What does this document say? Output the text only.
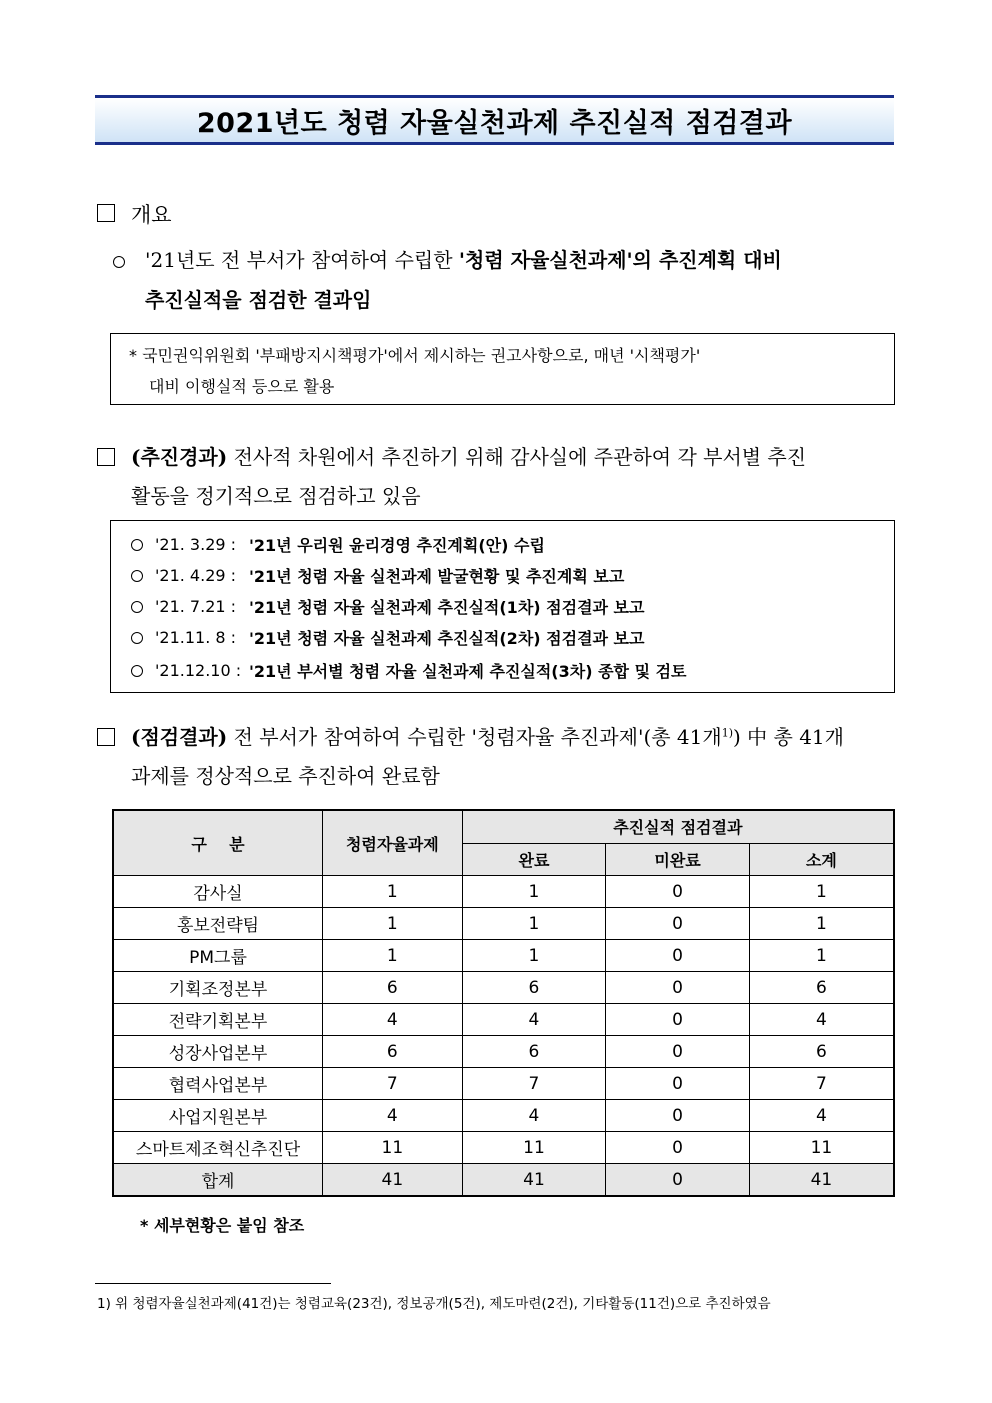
2021년도 청렴 자율실천과제 추진실적 점검결과
개요
'21년도 전 부서가 참여하여 수립한 '청렴 자율실천과제'의 추진계획 대비
추진실적을 점검한 결과임
* 국민권익위원회 '부패방지시책평가'에서 제시하는 권고사항으로, 매년 '시책평가'
대비 이행실적 등으로 활용
(추진경과) 전사적 차원에서 추진하기 위해 감사실에 주관하여 각 부서별 추진
활동을 정기적으로 점검하고 있음
'21. 3.29 : '21년 우리원 윤리경영 추진계획(안) 수립
'21. 4.29 : '21년 청렴 자율 실천과제 발굴현황 및 추진계획 보고
'21. 7.21 : '21년 청렴 자율 실천과제 추진실적(1차) 점검결과 보고
'21.11. 8 : '21년 청렴 자율 실천과제 추진실적(2차) 점검결과 보고
'21.12.10 : '21년 부서별 청렴 자율 실천과제 추진실적(3차) 종합 및 검토
(점검결과) 전 부서가 참여하여 수립한 '청렴자율 추진과제'(총 41개$^{1)}$) 中 총 41개
과제를 정상적으로 추진하여 완료함
구    분	청렴자율과제	추진실적 점검결과		
		완료	미완료	소계
감사실	1	1	0	1
홍보전략팀	1	1	0	1
PM그룹	1	1	0	1
기획조정본부	6	6	0	6
전략기획본부	4	4	0	4
성장사업본부	6	6	0	6
협력사업본부	7	7	0	7
사업지원본부	4	4	0	4
스마트제조혁신추진단	11	11	0	11
합계	41	41	0	41
* 세부현황은 붙임 참조
1) 위 청렴자율실천과제(41건)는 청렴교육(23건), 정보공개(5건), 제도마련(2건), 기타활동(11건)으로 추진하였음
